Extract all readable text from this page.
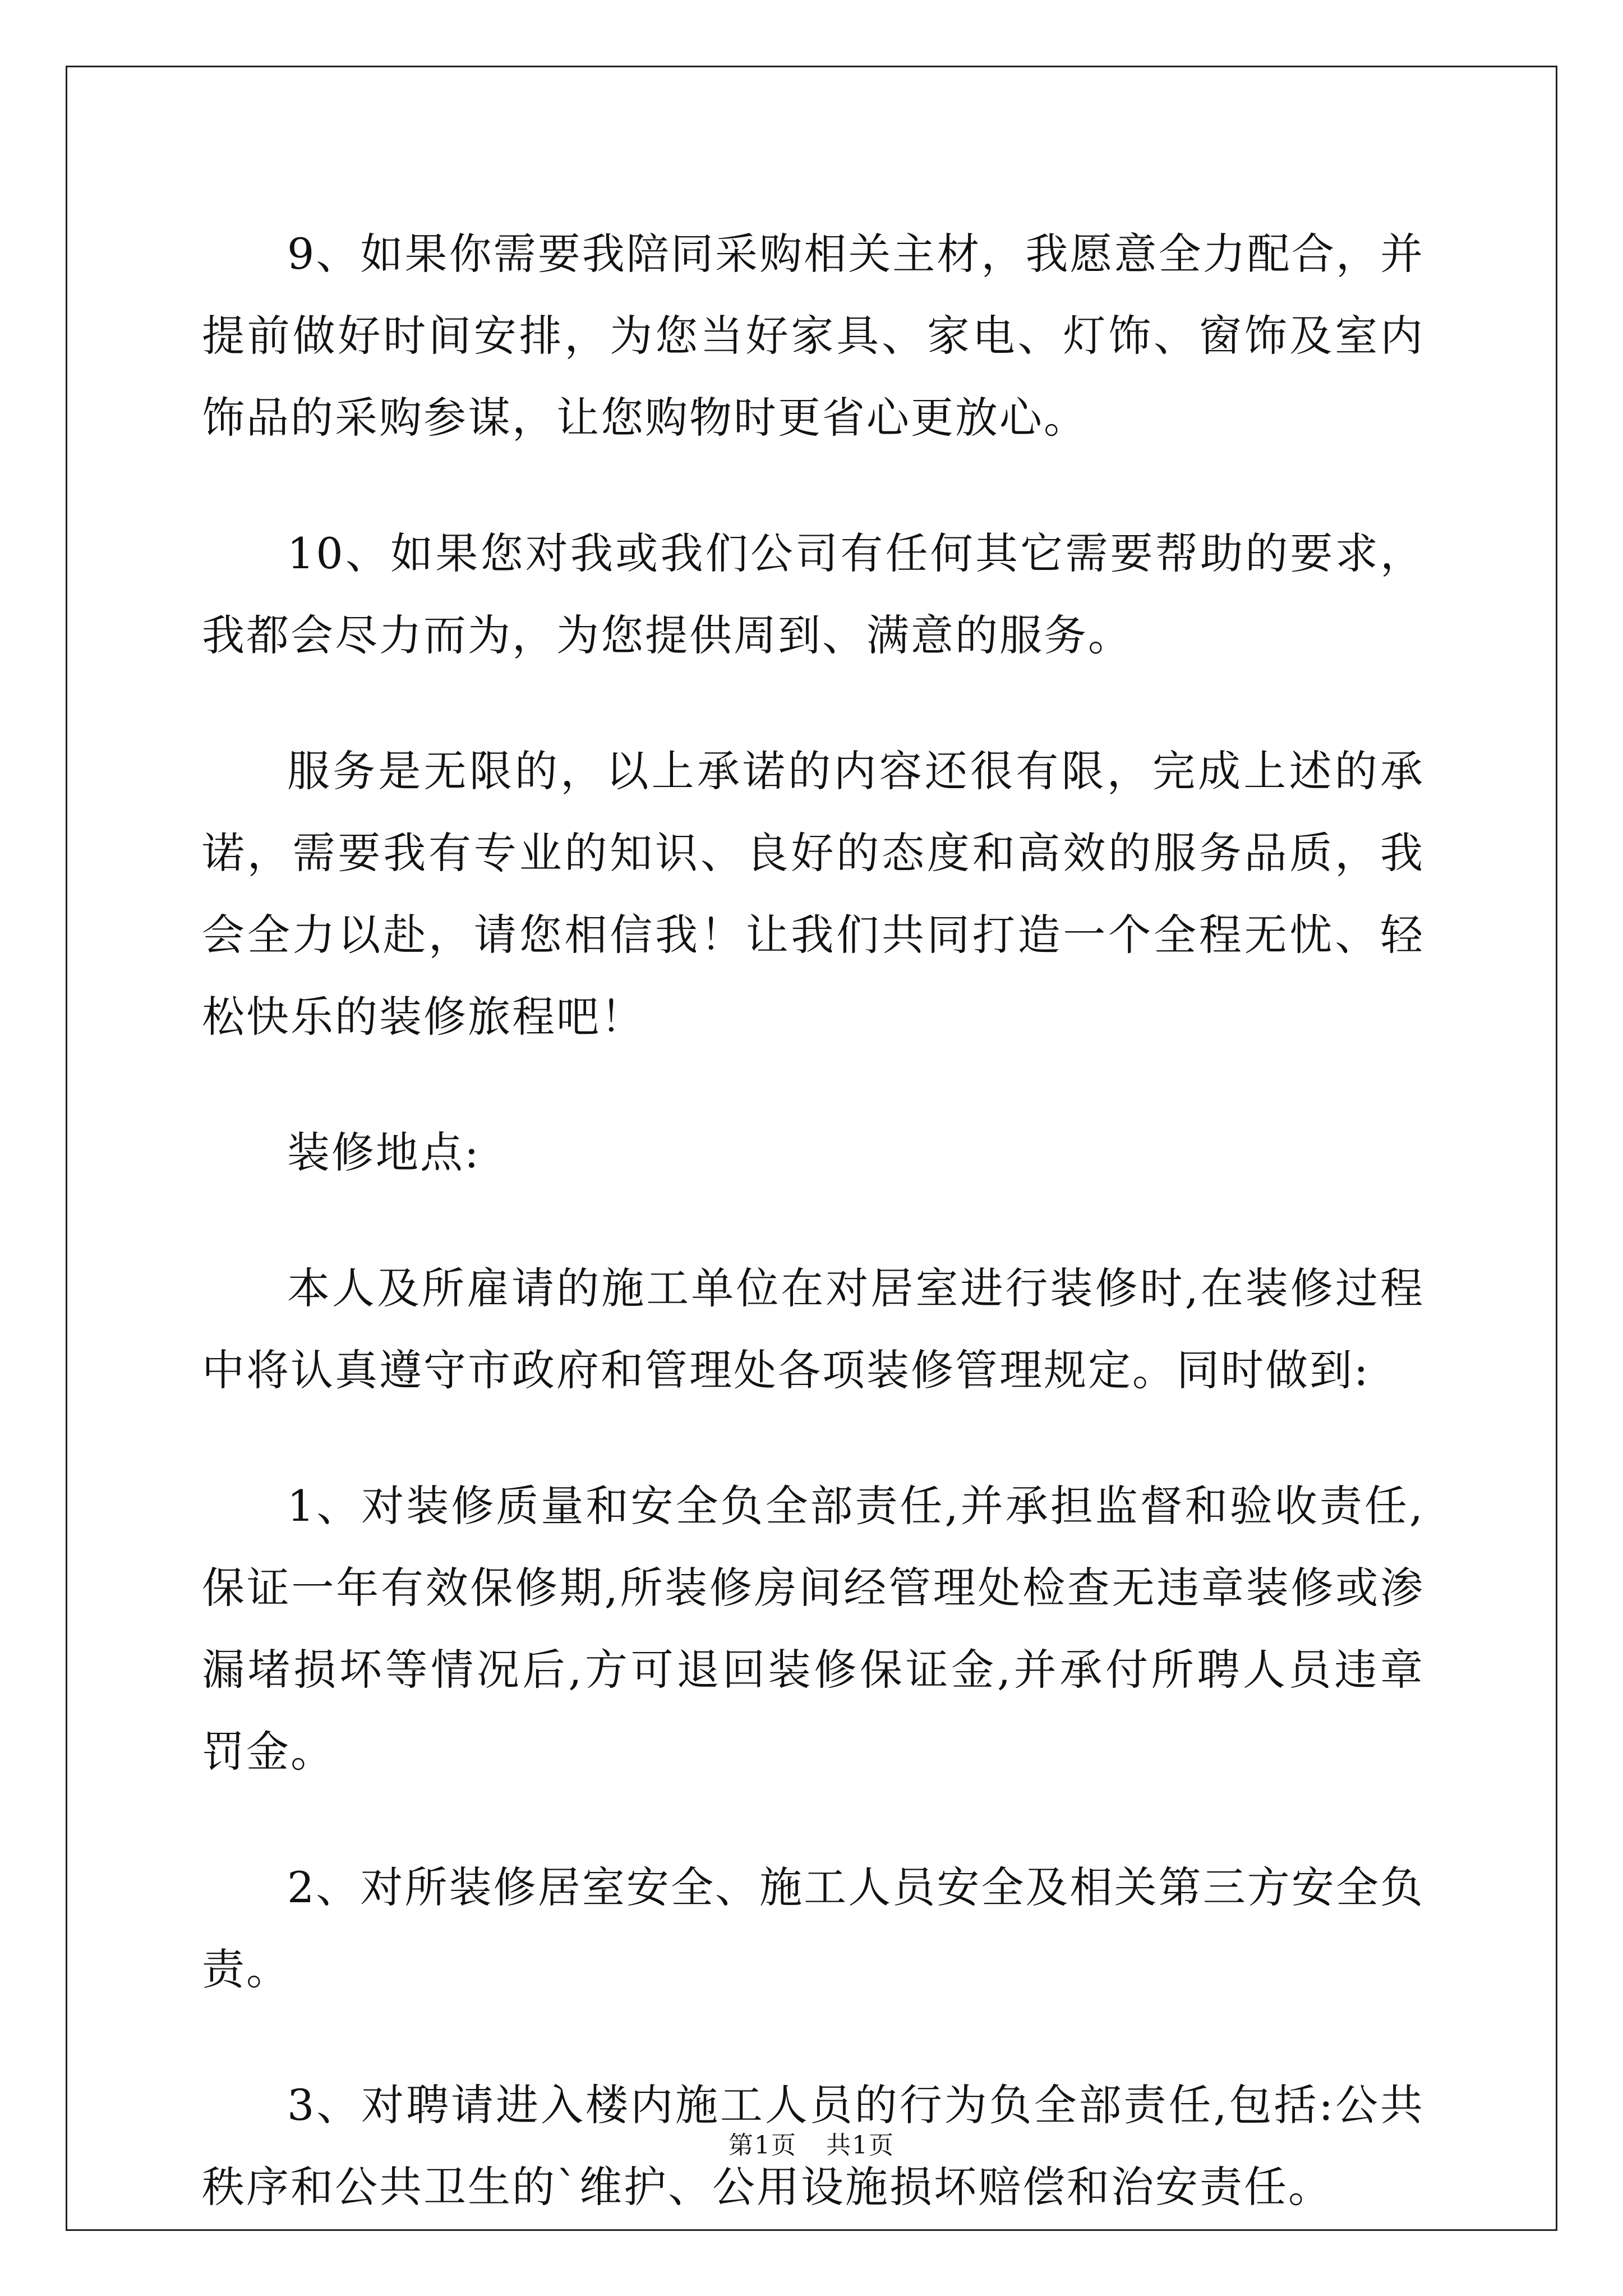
9、如果你需要我陪同采购相关主材，我愿意全力配合，并提前做好时间安排，为您当好家具、家电、灯饰、窗饰及室内饰品的采购参谋，让您购物时更省心更放心。

10、如果您对我或我们公司有任何其它需要帮助的要求，我都会尽力而为，为您提供周到、满意的服务。

服务是无限的，以上承诺的内容还很有限，完成上述的承诺，需要我有专业的知识、良好的态度和高效的服务品质，我会全力以赴，请您相信我！让我们共同打造一个全程无忧、轻松快乐的装修旅程吧！

装修地点:

本人及所雇请的施工单位在对居室进行装修时,在装修过程中将认真遵守市政府和管理处各项装修管理规定。同时做到:

1、对装修质量和安全负全部责任,并承担监督和验收责任,保证一年有效保修期,所装修房间经管理处检查无违章装修或渗漏堵损坏等情况后,方可退回装修保证金,并承付所聘人员违章罚金。

2、对所装修居室安全、施工人员安全及相关第三方安全负责。

3、对聘请进入楼内施工人员的行为负全部责任,包括:公共秩序和公共卫生的`维护、公用设施损坏赔偿和治安责任。

第1页 共1页
